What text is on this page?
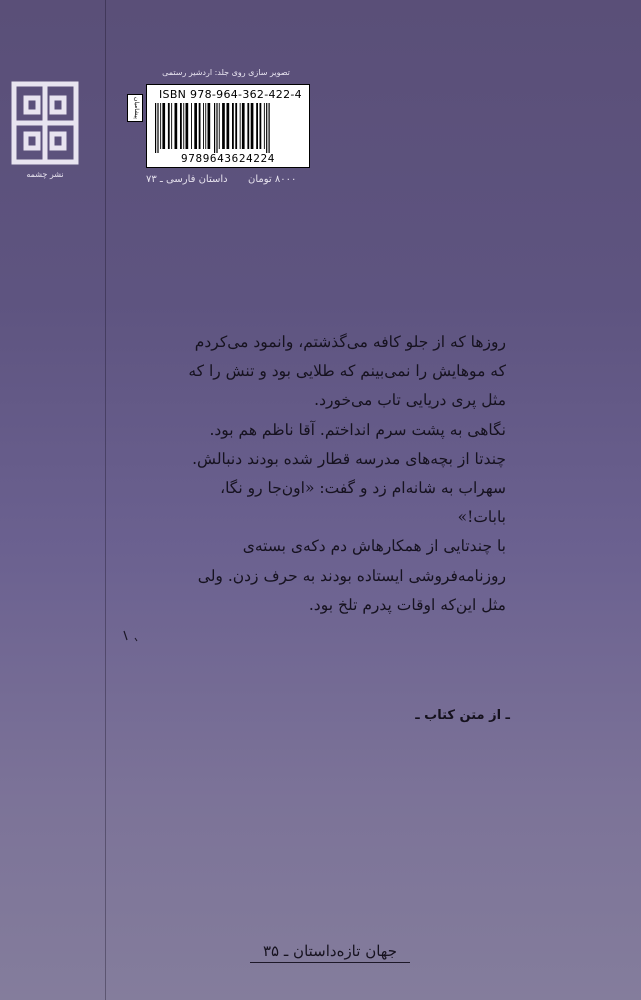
نشر چشمه
تصویر سازی روی جلد: اردشیر رستمی
پیشامیان
ISBN 978-964-362-422-4
9789643624224
۸۰۰۰ تومان
داستان فارسی ـ ۷۳
روزها که از جلو کافه می‌گذشتم، وانمود می‌کردم
که موهایش را نمی‌بینم که طلایی بود و تنش را که
مثل پری دریایی تاب می‌خورد.
نگاهی به پشت سرم انداختم. آقا ناظم هم بود.
چندتا از بچه‌های مدرسه قطار شده بودند دنبالش.
سهراب به شانه‌ام زد و گفت: «اون‌جا رو نگا،
بابات!»
با چندتایی از همکارهاش دم دکه‌ی بسته‌ی
روزنامه‌فروشی ایستاده بودند به حرف زدن. ولی
مثل این‌که اوقات پدرم تلخ بود.
ـ از متن کتاب ـ
جهان تازه‌داستان ـ ۳۵
